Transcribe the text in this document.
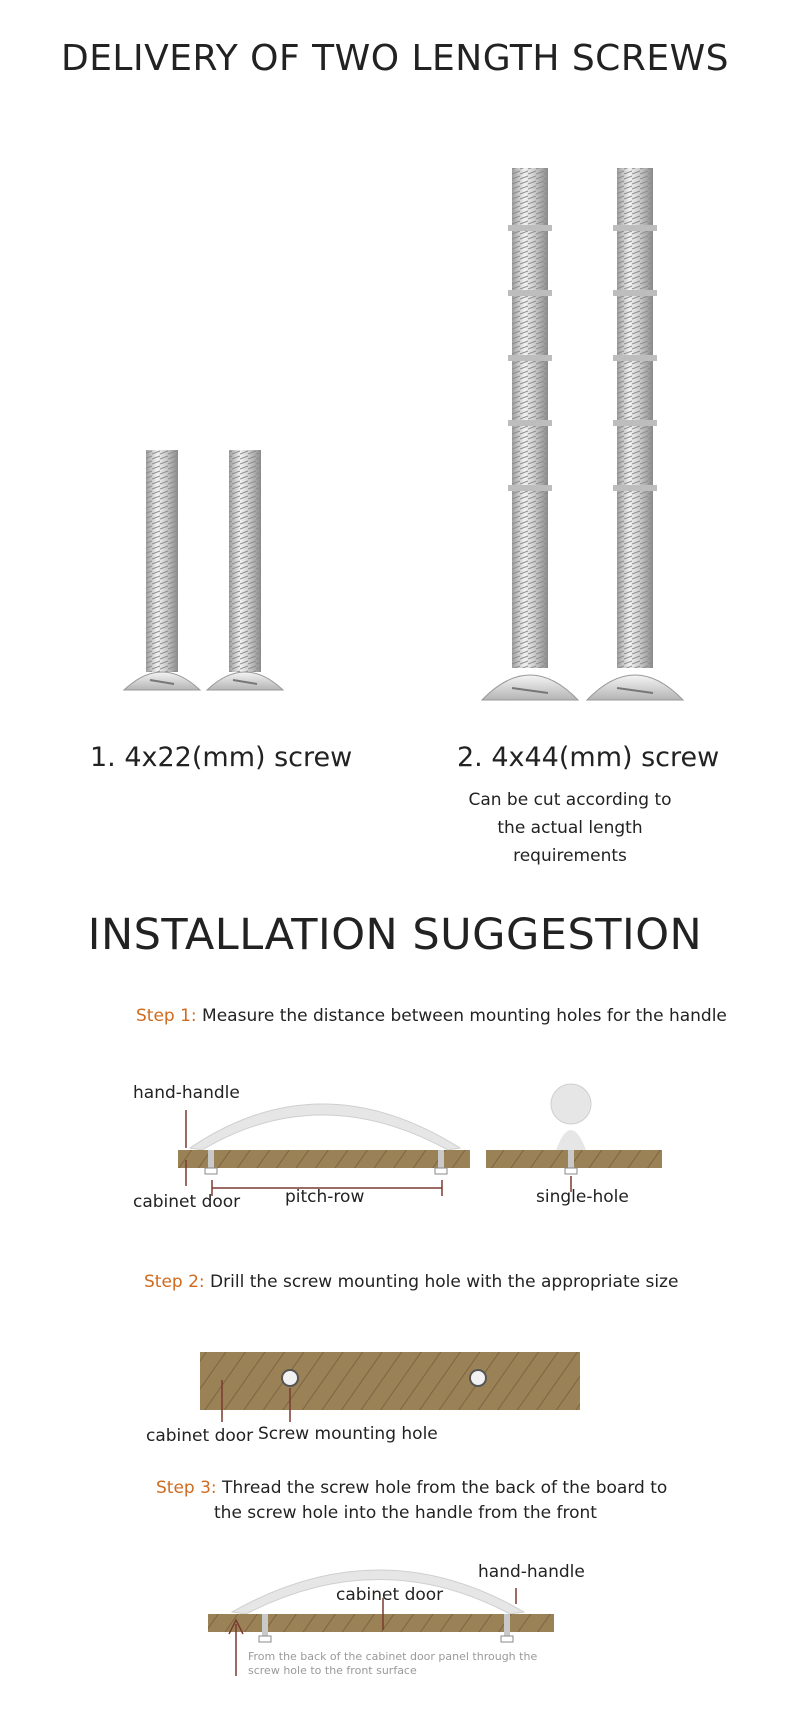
DELIVERY OF TWO LENGTH SCREWS
1. 4x22(mm) screw	2. 4x44(mm) screw
Can be cut according to
the actual length requirements
INSTALLATION SUGGESTION
Step 1: Measure the distance between mounting holes for the handle
hand-handle
cabinet door	pitch-row	single-hole
Step 2: Drill the screw mounting hole with the appropriate size
cabinet door Screw mounting hole
Step 3: Thread the screw hole from the back of the board to
the screw hole into the handle from the front
hand-handle
cabinet door
From the back of the cabinet door panel through the
screw hole to the front surface
